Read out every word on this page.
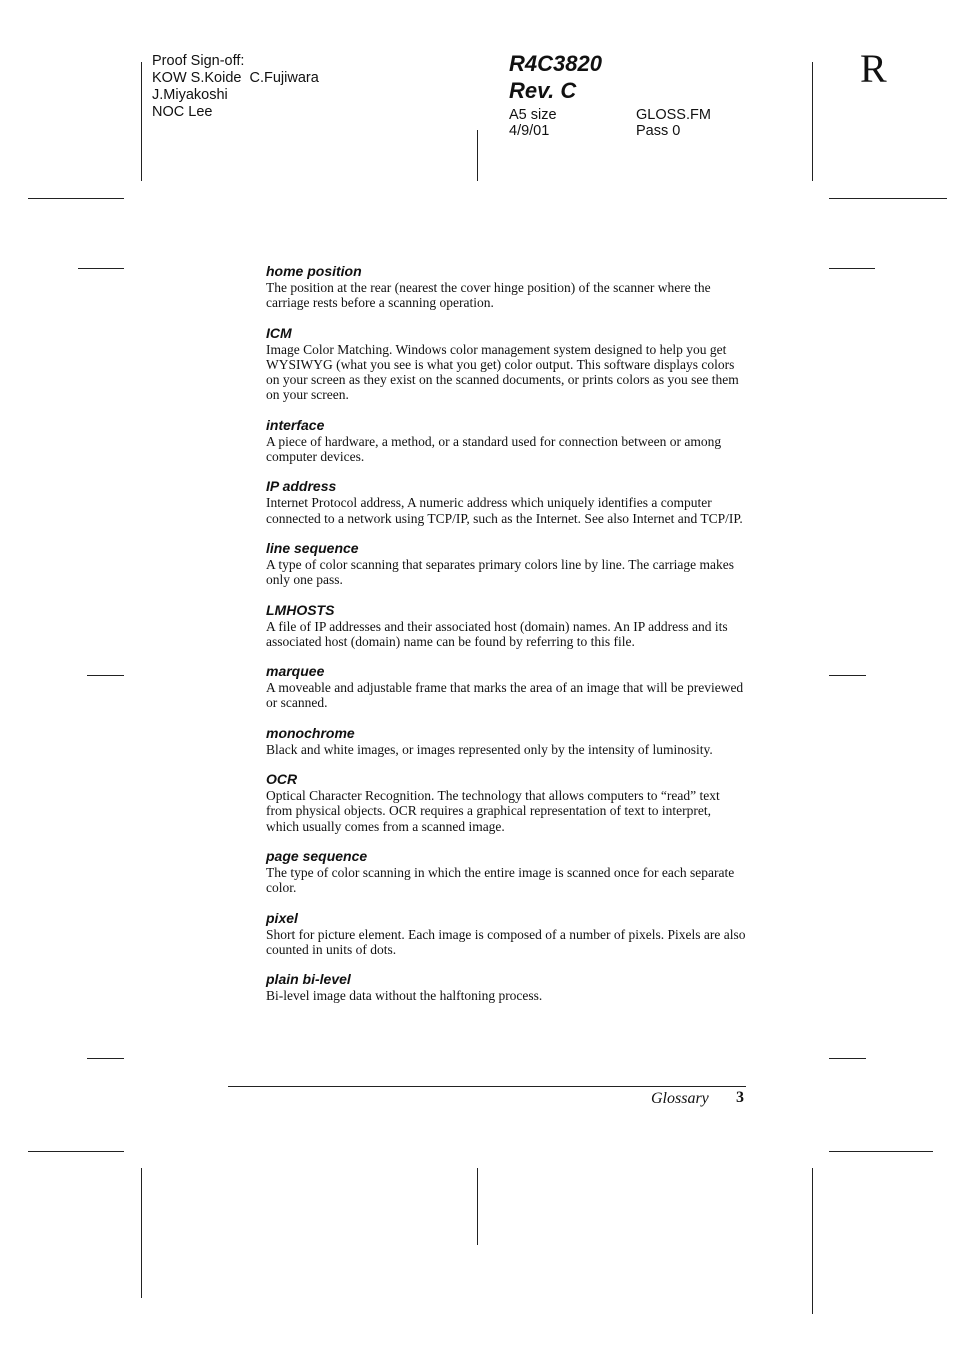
Proof Sign-off:
KOW S.Koide  C.Fujiwara
J.Miyakoshi
NOC Lee
R4C3820
Rev. C
A5 size	GLOSS.FM
4/9/01	Pass 0
R
home position
The position at the rear (nearest the cover hinge position) of the scanner where the carriage rests before a scanning operation.
ICM
Image Color Matching. Windows color management system designed to help you get WYSIWYG (what you see is what you get) color output. This software displays colors on your screen as they exist on the scanned documents, or prints colors as you see them on your screen.
interface
A piece of hardware, a method, or a standard used for connection between or among computer devices.
IP address
Internet Protocol address, A numeric address which uniquely identifies a computer connected to a network using TCP/IP, such as the Internet. See also Internet and TCP/IP.
line sequence
A type of color scanning that separates primary colors line by line. The carriage makes only one pass.
LMHOSTS
A file of IP addresses and their associated host (domain) names. An IP address and its associated host (domain) name can be found by referring to this file.
marquee
A moveable and adjustable frame that marks the area of an image that will be previewed or scanned.
monochrome
Black and white images, or images represented only by the intensity of luminosity.
OCR
Optical Character Recognition. The technology that allows computers to “read” text from physical objects. OCR requires a graphical representation of text to interpret, which usually comes from a scanned image.
page sequence
The type of color scanning in which the entire image is scanned once for each separate color.
pixel
Short for picture element. Each image is composed of a number of pixels. Pixels are also counted in units of dots.
plain bi-level
Bi-level image data without the halftoning process.
Glossary 3
